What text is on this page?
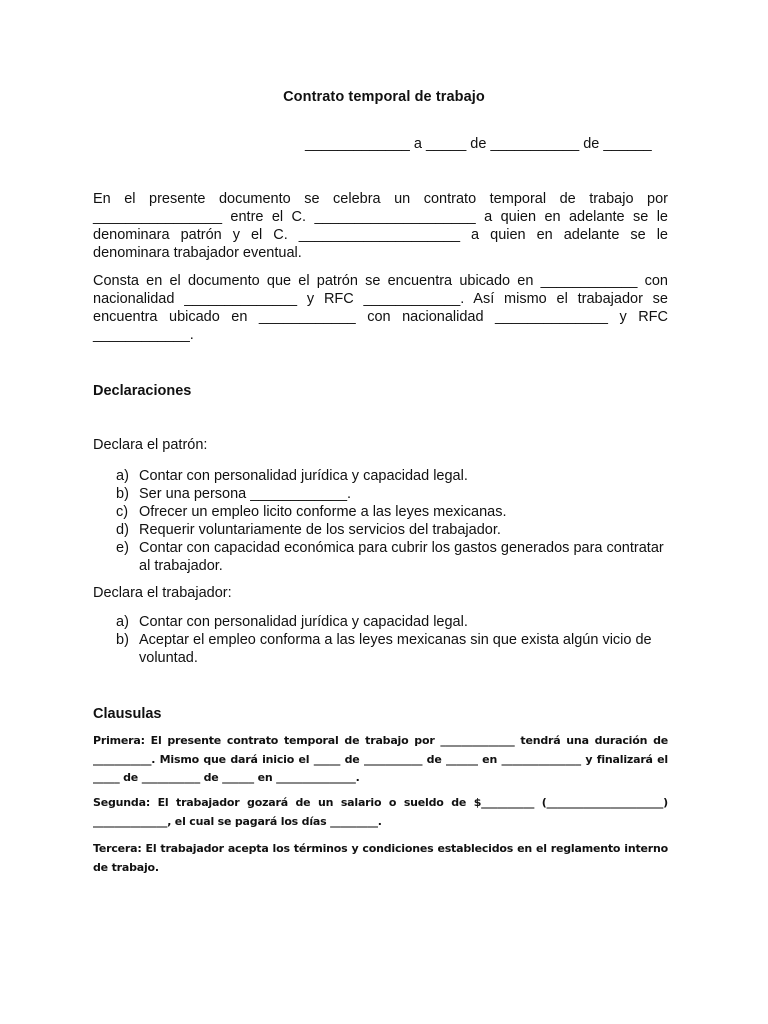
Contrato temporal de trabajo
_____________ a _____ de ___________ de ______
En el presente documento se celebra un contrato temporal de trabajo por ________________ entre el C. ____________________ a quien en adelante se le denominara patrón y el C. ____________________ a quien en adelante se le denominara trabajador eventual.
Consta en el documento que el patrón se encuentra ubicado en ____________ con nacionalidad ______________ y RFC ____________. Así mismo el trabajador se encuentra ubicado en ____________ con nacionalidad ______________ y RFC ____________.
Declaraciones
Declara el patrón:
a) Contar con personalidad jurídica y capacidad legal.
b) Ser una persona ____________.
c) Ofrecer un empleo licito conforme a las leyes mexicanas.
d) Requerir voluntariamente de los servicios del trabajador.
e) Contar con capacidad económica para cubrir los gastos generados para contratar al trabajador.
Declara el trabajador:
a) Contar con personalidad jurídica y capacidad legal.
b) Aceptar el empleo conforma a las leyes mexicanas sin que exista algún vicio de voluntad.
Clausulas
Primera: El presente contrato temporal de trabajo por ______________ tendrá una duración de ___________. Mismo que dará inicio el _____ de ___________ de ______ en _______________ y finalizará el _____ de ___________ de ______ en _______________.
Segunda: El trabajador gozará de un salario o sueldo de $__________ (______________________) ______________, el cual se pagará los días _________.
Tercera: El trabajador acepta los términos y condiciones establecidos en el reglamento interno de trabajo.
